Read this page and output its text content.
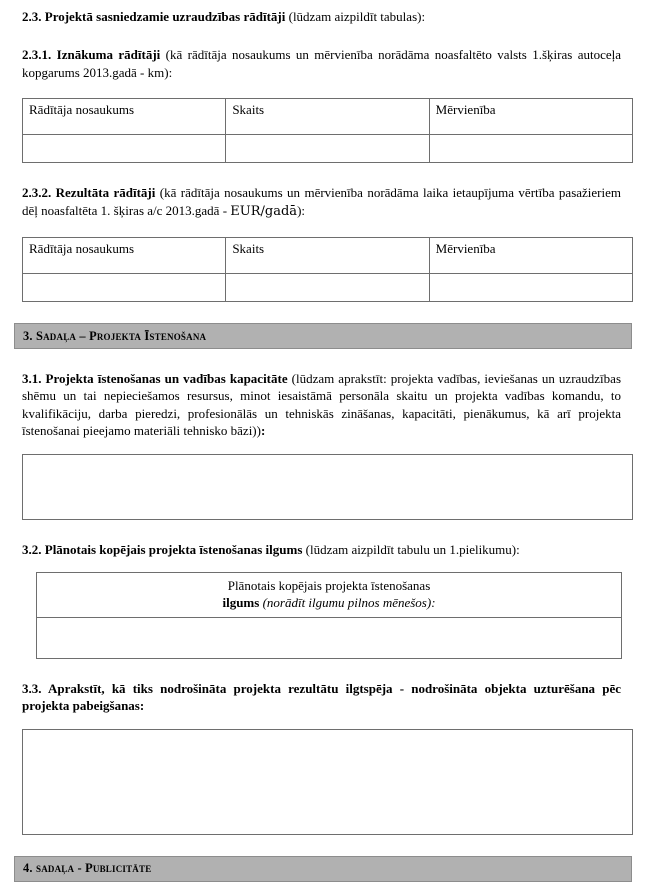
2.3. Projektā sasniedzamie uzraudzības rādītāji (lūdzam aizpildīt tabulas):

2.3.1. Iznākuma rādītāji (kā rādītāja nosaukums un mērvienība norādāma noasfaltēto valsts 1.šķiras autoceļa kopgarums 2013.gadā - km):

Rādītāja nosaukums	Skaits	Mērvienība

2.3.2. Rezultāta rādītāji (kā rādītāja nosaukums un mērvienība norādāma laika ietaupījuma vērtība pasažieriem dēļ noasfaltēta 1. šķiras a/c 2013.gadā - EUR/gadā):

Rādītāja nosaukums	Skaits	Mērvienība

3. Sadaļa – Projekta Īstenošana

3.1. Projekta īstenošanas un vadības kapacitāte (lūdzam aprakstīt: projekta vadības, ieviešanas un uzraudzības shēmu un tai nepieciešamos resursus, minot iesaistāmā personāla skaitu un projekta vadības komandu, to kvalifikāciju, darba pieredzi, profesionālās un tehniskās zināšanas, kapacitāti, pienākumus, kā arī projekta īstenošanai pieejamo materiāli tehnisko bāzi)):

3.2. Plānotais kopējais projekta īstenošanas ilgums (lūdzam aizpildīt tabulu un 1.pielikumu):

Plānotais kopējais projekta īstenošanas
ilgums (norādīt ilgumu pilnos mēnešos):

3.3. Aprakstīt, kā tiks nodrošināta projekta rezultātu ilgtspēja - nodrošināta objekta uzturēšana pēc projekta pabeigšanas:

4. sadaļa - Publicitāte
